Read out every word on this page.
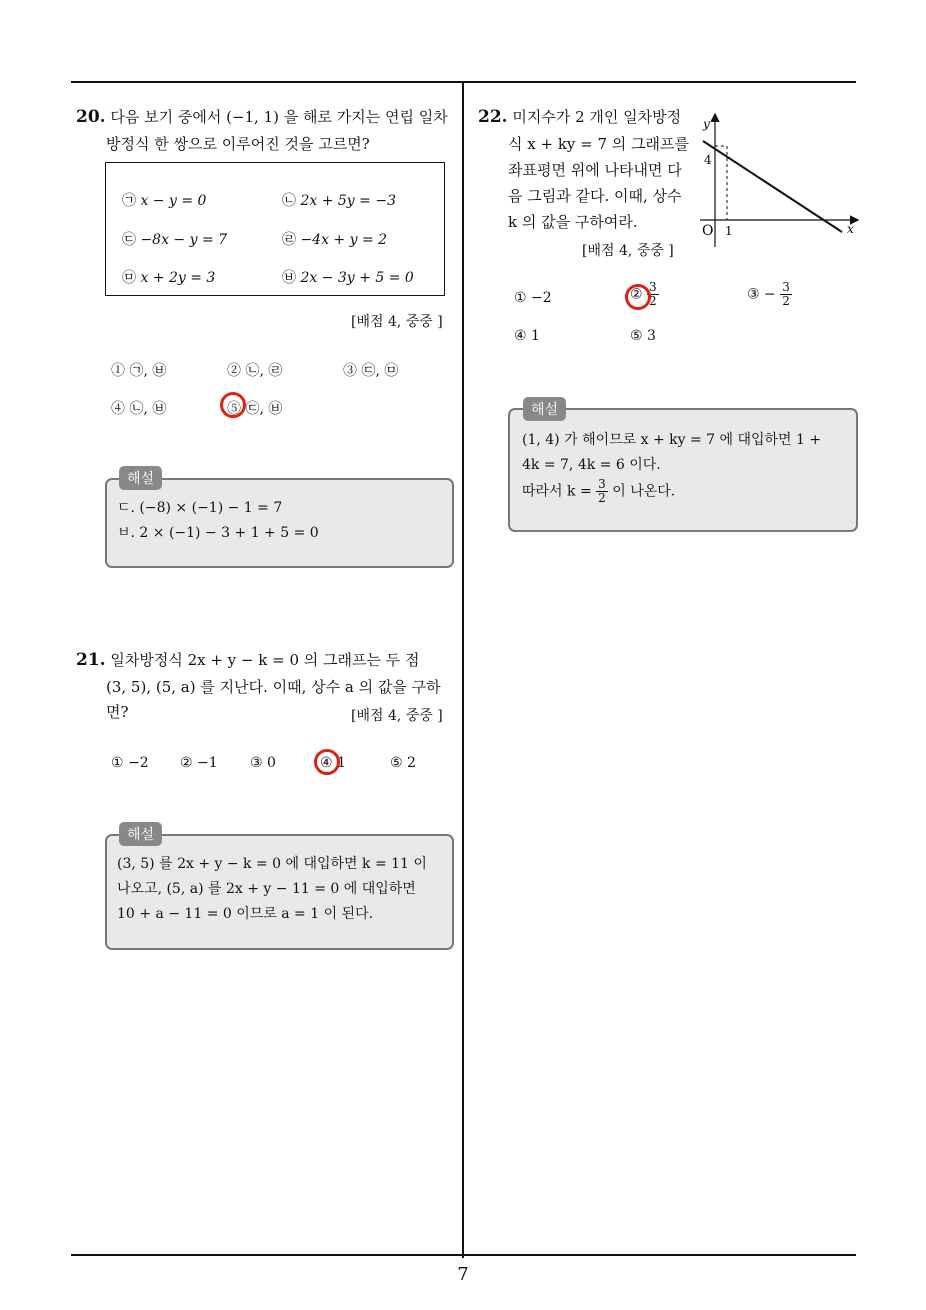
20. 다음 보기 중에서 (−1, 1) 을 해로 가지는 연립 일차
방정식 한 쌍으로 이루어진 것을 고르면?
㉠ x − y = 0	㉡ 2x + 5y = −3
㉢ −8x − y = 7	㉣ −4x + y = 2
㉤ x + 2y = 3	㉥ 2x − 3y + 5 = 0
[배점 4, 중중 ]
① ㉠, ㉥	② ㉡, ㉣	③ ㉢, ㉤
④ ㉡, ㉥	⑤ ㉢, ㉥
해설
ㄷ. (−8) × (−1) − 1 = 7
ㅂ. 2 × (−1) − 3 + 1 + 5 = 0
21. 일차방정식 2x + y − k = 0 의 그래프는 두 점
(3, 5), (5, a) 를 지난다. 이때, 상수 a 의 값을 구하
면?	[배점 4, 중중 ]
① −2 ② −1 ③ 0	④ 1	⑤ 2
해설
(3, 5) 를 2x + y − k = 0 에 대입하면 k = 11 이
나오고, (5, a) 를 2x + y − 11 = 0 에 대입하면
10 + a − 11 = 0 이므로 a = 1 이 된다.
22. 미지수가 2 개인 일차방정
식 x + ky = 7 의 그래프를
좌표평면 위에 나타내면 다
음 그림과 같다. 이때, 상수
k 의 값을 구하여라.
[배점 4, 중중 ]
y
x
O
4
1
① −2	② $\frac{3}{2}$	③ − $\frac{3}{2}$
④ 1	⑤ 3
해설
(1, 4) 가 해이므로 x + ky = 7 에 대입하면 1 +
4k = 7, 4k = 6 이다.
따라서 $k = \frac{3}{2}$ 이 나온다.
7
